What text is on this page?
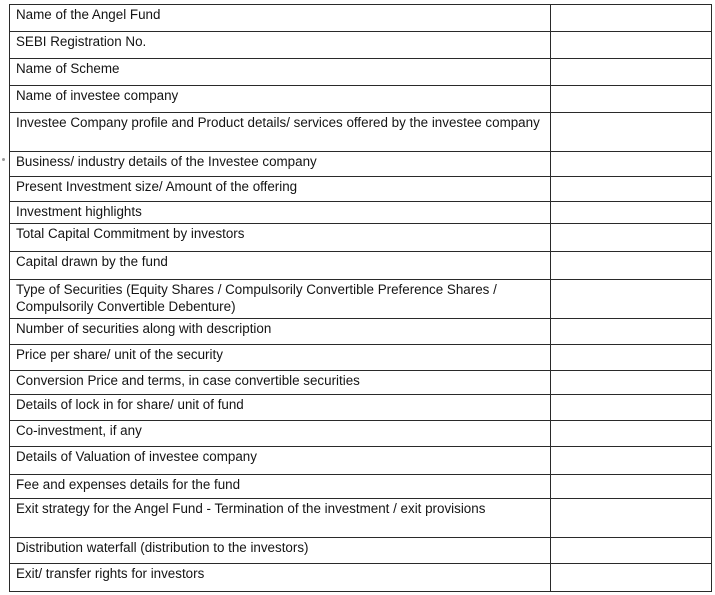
Name of the Angel Fund	
SEBI Registration No.	
Name of Scheme	
Name of investee company	
Investee Company profile and Product details/ services offered by the investee company	
Business/ industry details of the Investee company	
Present Investment size/ Amount of the offering	
Investment highlights	
Total Capital Commitment by investors	
Capital drawn by the fund	
Type of Securities (Equity Shares / Compulsorily Convertible Preference Shares / Compulsorily Convertible Debenture)	
Number of securities along with description	
Price per share/ unit of the security	
Conversion Price and terms, in case convertible securities	
Details of lock in for share/ unit of fund	
Co-investment, if any	
Details of Valuation of investee company	
Fee and expenses details for the fund	
Exit strategy for the Angel Fund - Termination of the investment / exit provisions	
Distribution waterfall (distribution to the investors)	
Exit/ transfer rights for investors	
